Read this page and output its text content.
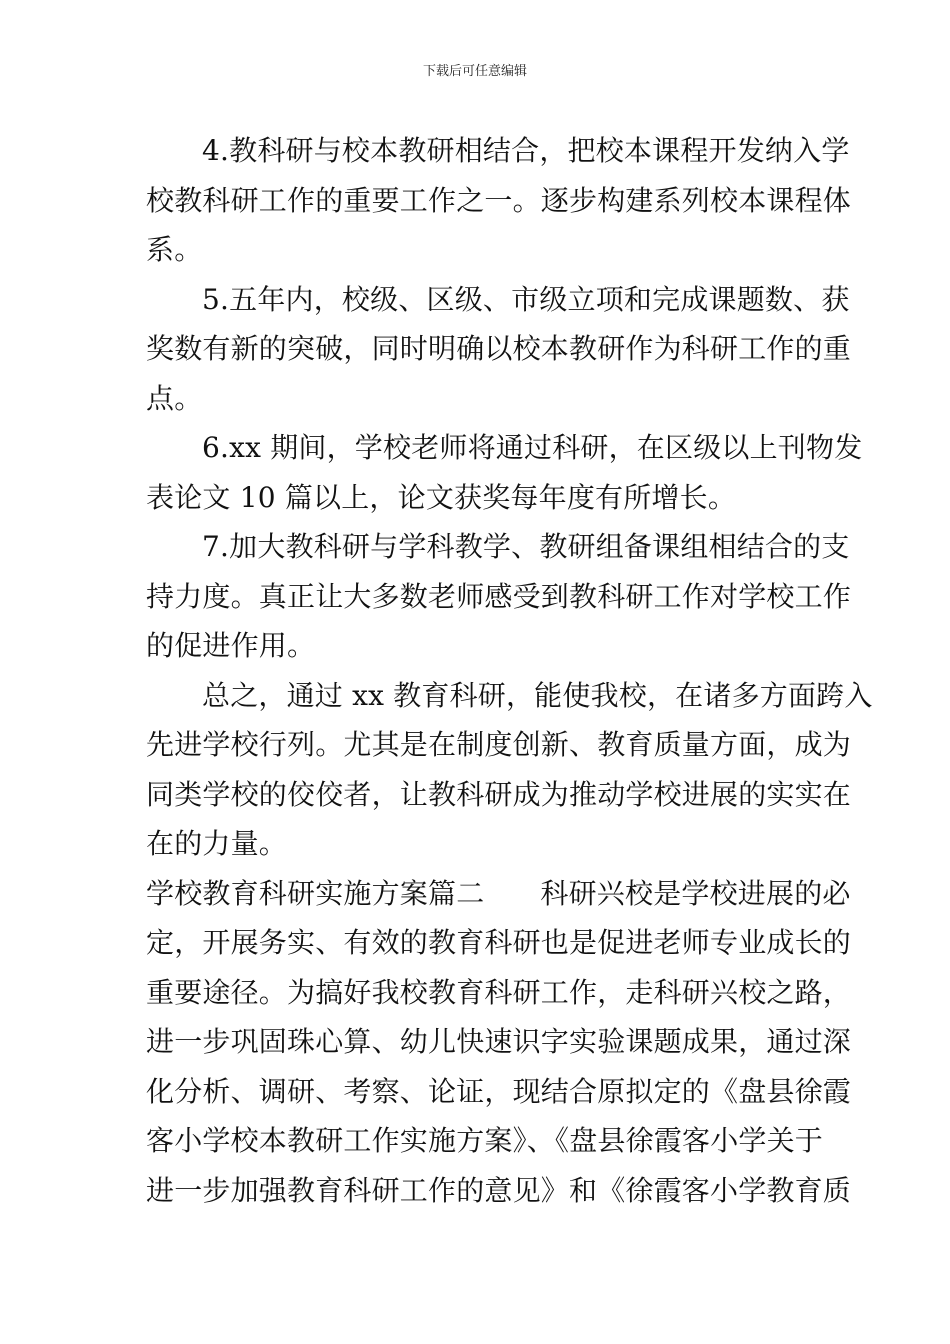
下载后可任意编辑
4.教科研与校本教研相结合，把校本课程开发纳入学
校教科研工作的重要工作之一。逐步构建系列校本课程体
系。
5.五年内，校级、区级、市级立项和完成课题数、获
奖数有新的突破，同时明确以校本教研作为科研工作的重
点。
6.xx 期间，学校老师将通过科研，在区级以上刊物发
表论文 10 篇以上，论文获奖每年度有所增长。
7.加大教科研与学科教学、教研组备课组相结合的支
持力度。真正让大多数老师感受到教科研工作对学校工作
的促进作用。
总之，通过 xx 教育科研，能使我校，在诸多方面跨入
先进学校行列。尤其是在制度创新、教育质量方面，成为
同类学校的佼佼者，让教科研成为推动学校进展的实实在
在的力量。
学校教育科研实施方案篇二 科研兴校是学校进展的必
定，开展务实、有效的教育科研也是促进老师专业成长的
重要途径。为搞好我校教育科研工作，走科研兴校之路，
进一步巩固珠心算、幼儿快速识字实验课题成果，通过深
化分析、调研、考察、论证，现结合原拟定的《盘县徐霞
客小学校本教研工作实施方案》、《盘县徐霞客小学关于
进一步加强教育科研工作的意见》和《徐霞客小学教育质
